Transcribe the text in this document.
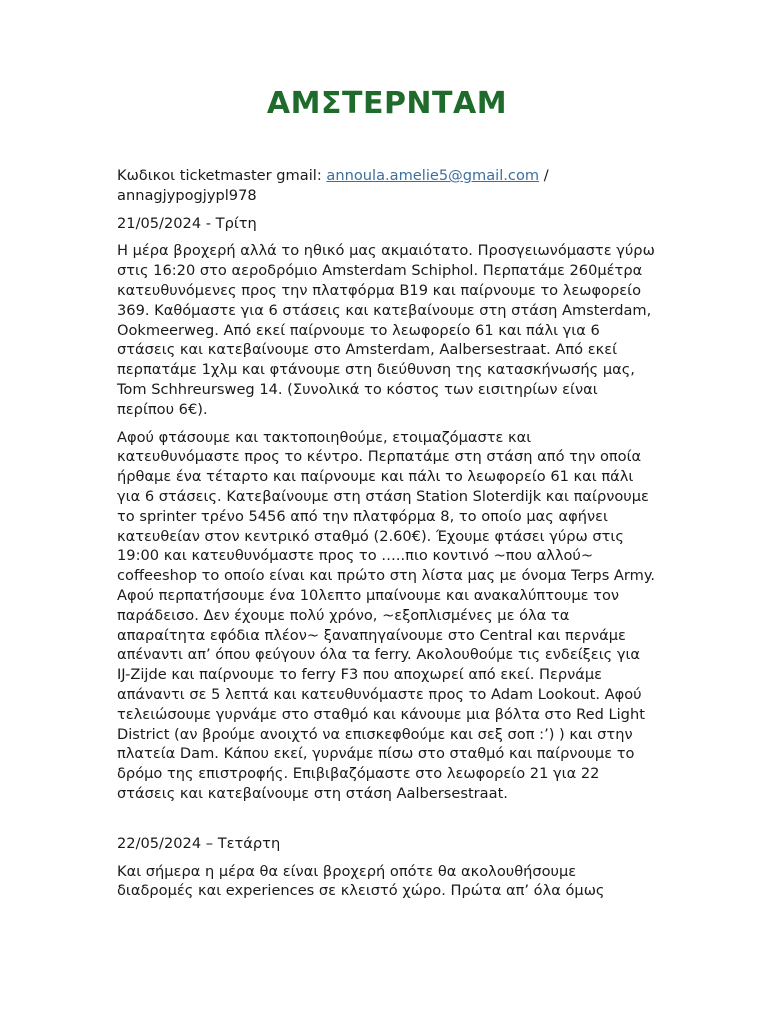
ΑΜΣΤΕΡΝΤΑΜ

Κωδικοι ticketmaster gmail: annoula.amelie5@gmail.com / annagjypogjypl978

21/05/2024 - Τρίτη

Η μέρα βροχερή αλλά το ηθικό μας ακμαιότατο. Προσγειωνόμαστε γύρω στις 16:20 στο αεροδρόμιο Amsterdam Schiphol. Περπατάμε 260μέτρα κατευθυνόμενες προς την πλατφόρμα B19 και παίρνουμε το λεωφορείο 369. Καθόμαστε για 6 στάσεις και κατεβαίνουμε στη στάση Amsterdam, Ookmeerweg. Από εκεί παίρνουμε το λεωφορείο 61 και πάλι για 6 στάσεις και κατεβαίνουμε στο Amsterdam, Aalbersestraat. Από εκεί περπατάμε 1χλμ και φτάνουμε στη διεύθυνση της κατασκήνωσής μας, Tom Schhreursweg 14. (Συνολικά το κόστος των εισιτηρίων είναι περίπου 6€).

Αφού φτάσουμε και τακτοποιηθούμε, ετοιμαζόμαστε και κατευθυνόμαστε προς το κέντρο. Περπατάμε στη στάση από την οποία ήρθαμε ένα τέταρτο και παίρνουμε και πάλι το λεωφορείο 61 και πάλι για 6 στάσεις. Κατεβαίνουμε στη στάση Station Sloterdijk και παίρνουμε το sprinter τρένο 5456 από την πλατφόρμα 8, το οποίο μας αφήνει κατευθείαν στον κεντρικό σταθμό (2.60€). Έχουμε φτάσει γύρω στις 19:00 και κατευθυνόμαστε προς το …..πιο κοντινό ~που αλλού~ coffeeshop το οποίο είναι και πρώτο στη λίστα μας με όνομα Terps Army. Αφού περπατήσουμε ένα 10λεπτο μπαίνουμε και ανακαλύπτουμε τον παράδεισο. Δεν έχουμε πολύ χρόνο, ~εξοπλισμένες με όλα τα απαραίτητα εφόδια πλέον~ ξαναπηγαίνουμε στο Central και περνάμε απέναντι απ’ όπου φεύγουν όλα τα ferry. Ακολουθούμε τις ενδείξεις για IJ-Zijde και παίρνουμε το ferry F3 που αποχωρεί από εκεί. Περνάμε απάναντι σε 5 λεπτά και κατευθυνόμαστε προς το Adam Lookout. Αφού τελειώσουμε γυρνάμε στο σταθμό και κάνουμε μια βόλτα στο Red Light District (αν βρούμε ανοιχτό να επισκεφθούμε και σεξ σοπ :’) ) και στην πλατεία Dam. Κάπου εκεί, γυρνάμε πίσω στο σταθμό και παίρνουμε το δρόμο της επιστροφής. Επιβιβαζόμαστε στο λεωφορείο 21 για 22 στάσεις και κατεβαίνουμε στη στάση Aalbersestraat.

22/05/2024 – Τετάρτη

Και σήμερα η μέρα θα είναι βροχερή οπότε θα ακολουθήσουμε διαδρομές και experiences σε κλειστό χώρο. Πρώτα απ’ όλα όμως
